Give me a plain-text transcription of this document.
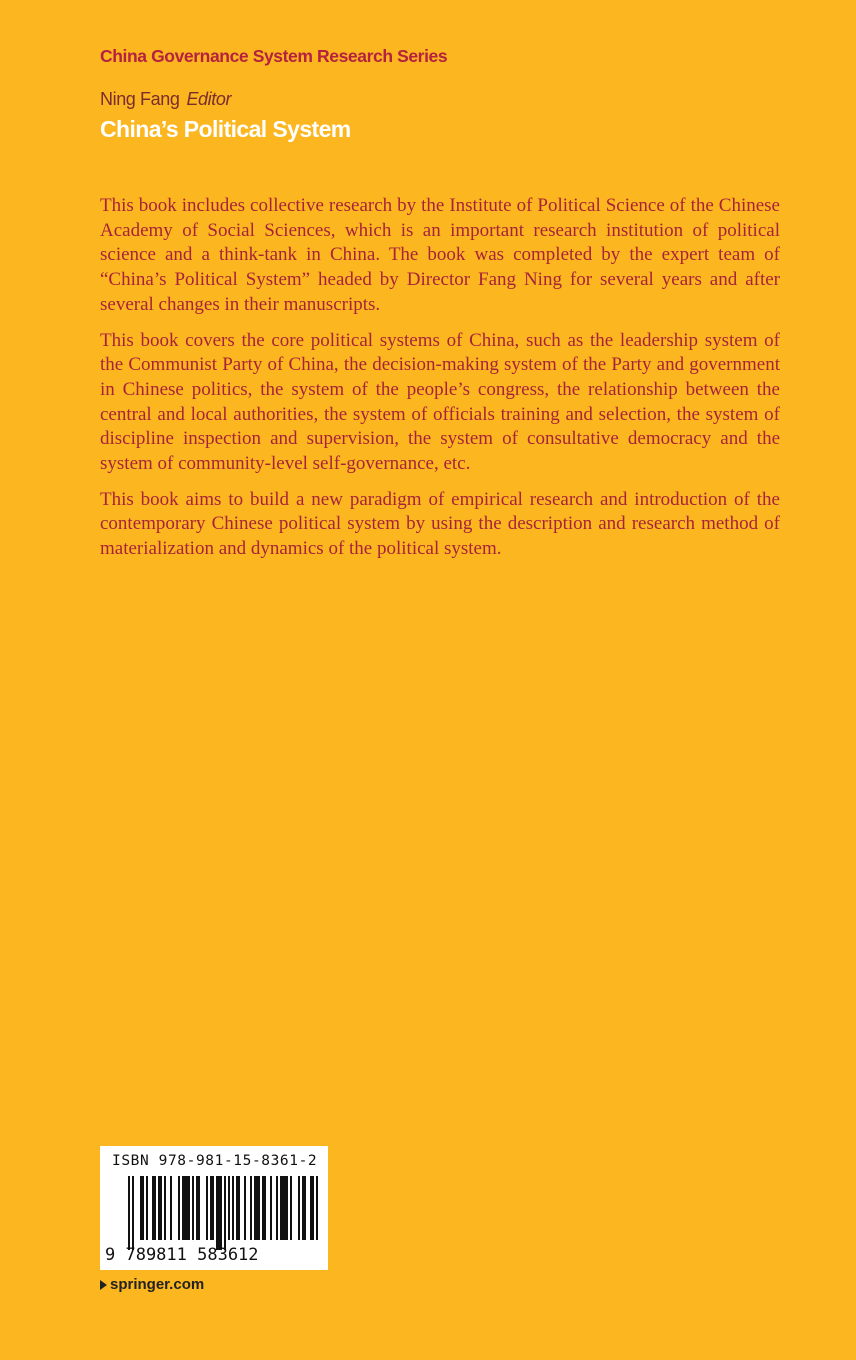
China Governance System Research Series
Ning Fang Editor
China’s Political System

This book includes collective research by the Institute of Political Science of the Chinese Academy of Social Sciences, which is an important research institution of political science and a think-tank in China. The book was completed by the expert team of “China’s Political System” headed by Director Fang Ning for several years and after several changes in their manuscripts.

This book covers the core political systems of China, such as the leadership system of the Communist Party of China, the decision-making system of the Party and government in Chinese politics, the system of the people’s congress, the relationship between the central and local authorities, the system of officials training and selection, the system of discipline inspection and supervision, the system of consultative democracy and the system of community-level self-governance, etc.

This book aims to build a new paradigm of empirical research and introduction of the contemporary Chinese political system by using the description and research method of materialization and dynamics of the political system.

ISBN 978-981-15-8361-2
9 789811 583612
springer.com
